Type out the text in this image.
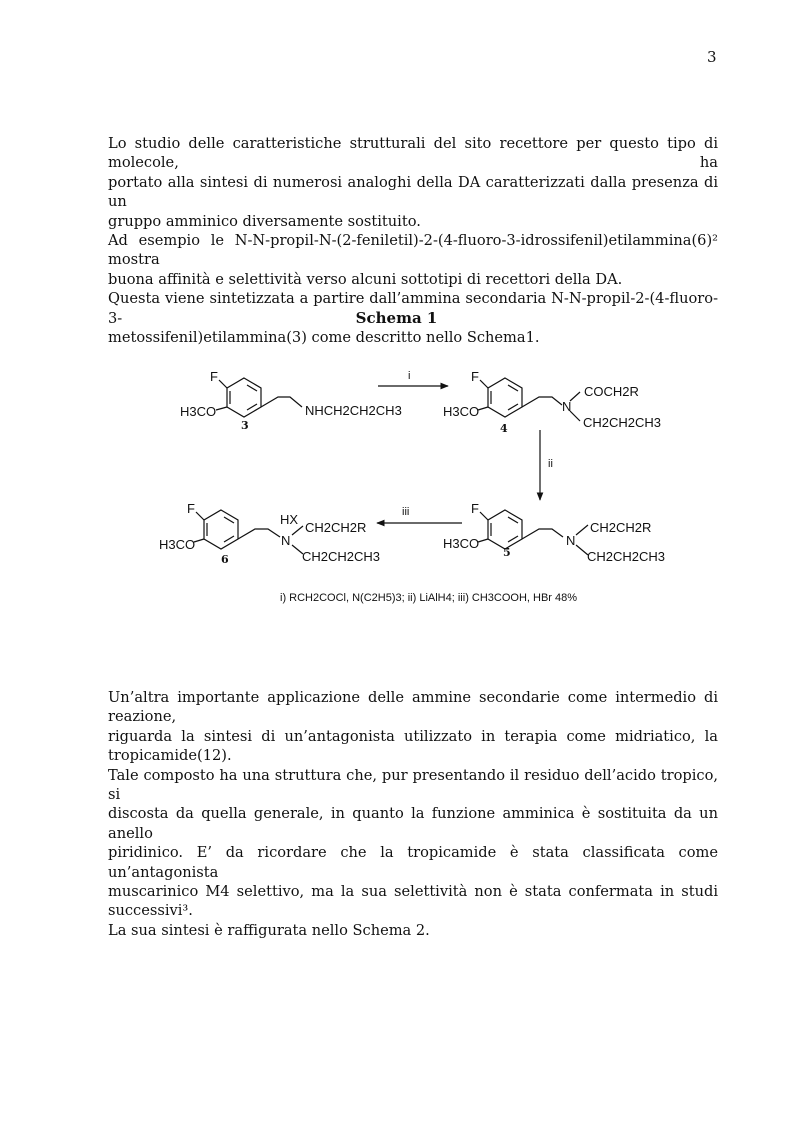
3
Lo studio delle caratteristiche strutturali del sito recettore per questo tipo di molecole, ha
portato alla sintesi di numerosi analoghi della DA caratterizzati dalla presenza di un
gruppo amminico diversamente sostituito.
Ad esempio le N-N-propil-N-(2-feniletil)-2-(4-fluoro-3-idrossifenil)etilammina(6)² mostra
buona affinità e selettività verso alcuni sottotipi di recettori della DA.
Questa viene sintetizzata a partire dall’ammina secondaria N-N-propil-2-(4-fluoro-3-
metossifenil)etilammina(3) come descritto nello Schema1.
Schema 1
F
H3CO	NHCH2CH2CH3
3
i	F
H3CO	N
COCH2R
CH2CH2CH3
4
ii
F
H3CO	N
CH2CH2R
CH2CH2CH3
5
iii
F
H3CO	N
HX
CH2CH2R
CH2CH2CH3
6
i) RCH2COCl, N(C2H5)3; ii) LiAlH4; iii) CH3COOH, HBr 48%
Un’altra importante applicazione delle ammine secondarie come intermedio di reazione,
riguarda la sintesi di un’antagonista utilizzato in terapia come midriatico, la tropicamide(12).
Tale composto ha una struttura che, pur presentando il residuo dell’acido tropico, si
discosta da quella generale, in quanto la funzione amminica è sostituita da un anello
piridinico. E’ da ricordare che la tropicamide è stata classificata come un’antagonista
muscarinico M4 selettivo, ma la sua selettività non è stata confermata in studi successivi³.
La sua sintesi è raffigurata nello Schema 2.
